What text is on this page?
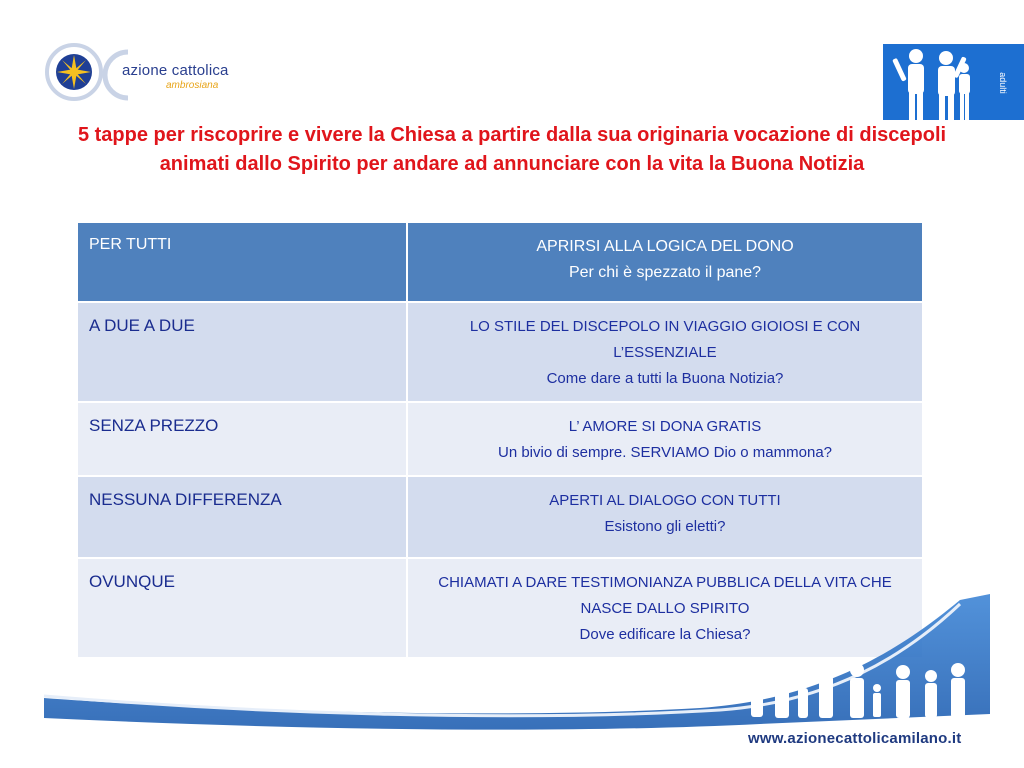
azione cattolica
ambrosiana	adulti
5 tappe per riscoprire e vivere la Chiesa a partire dalla sua originaria vocazione di discepoli animati dallo Spirito per andare ad annunciare con la vita la Buona Notizia
PER TUTTI	APRIRSI ALLA LOGICA DEL DONO
Per chi è spezzato il pane?

A DUE A DUE	LO STILE DEL DISCEPOLO IN VIAGGIO GIOIOSI E CON L’ESSENZIALE
Come dare a tutti la Buona Notizia?

SENZA PREZZO	L’ AMORE SI DONA GRATIS
Un bivio di sempre. SERVIAMO Dio o mammona?

NESSUNA DIFFERENZA	APERTI AL DIALOGO CON TUTTI
Esistono gli eletti?

OVUNQUE	CHIAMATI A DARE TESTIMONIANZA PUBBLICA DELLA VITA CHE NASCE DALLO SPIRITO
Dove edificare la Chiesa?
www.azionecattolicamilano.it
